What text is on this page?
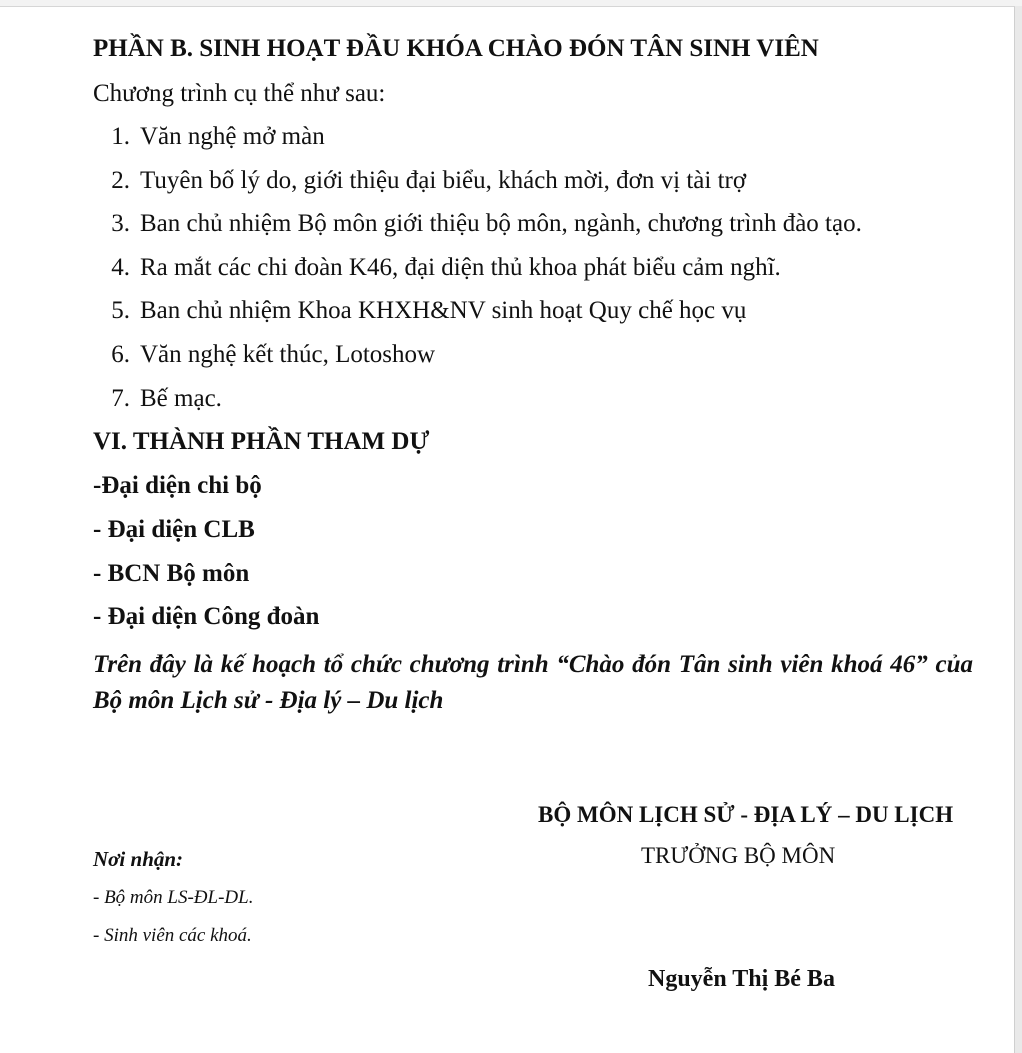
PHẦN B. SINH HOẠT ĐẦU KHÓA CHÀO ĐÓN TÂN SINH VIÊN
Chương trình cụ thể như sau:
1. Văn nghệ mở màn
2. Tuyên bố lý do, giới thiệu đại biểu, khách mời, đơn vị tài trợ
3. Ban chủ nhiệm Bộ môn giới thiệu bộ môn, ngành, chương trình đào tạo.
4. Ra mắt các chi đoàn K46, đại diện thủ khoa phát biểu cảm nghĩ.
5. Ban chủ nhiệm Khoa KHXH&NV sinh hoạt Quy chế học vụ
6. Văn nghệ kết thúc, Lotoshow
7. Bế mạc.
VI. THÀNH PHẦN THAM DỰ
-Đại diện chi bộ
- Đại diện CLB
- BCN Bộ môn
- Đại diện Công đoàn
Trên đây là kế hoạch tổ chức chương trình “Chào đón Tân sinh viên khoá 46” của Bộ môn Lịch sử - Địa lý – Du lịch
BỘ MÔN LỊCH SỬ - ĐỊA LÝ – DU LỊCH
TRƯỞNG BỘ MÔN
Nơi nhận:
- Bộ môn LS-ĐL-DL.
- Sinh viên các khoá.
Nguyễn Thị Bé Ba
